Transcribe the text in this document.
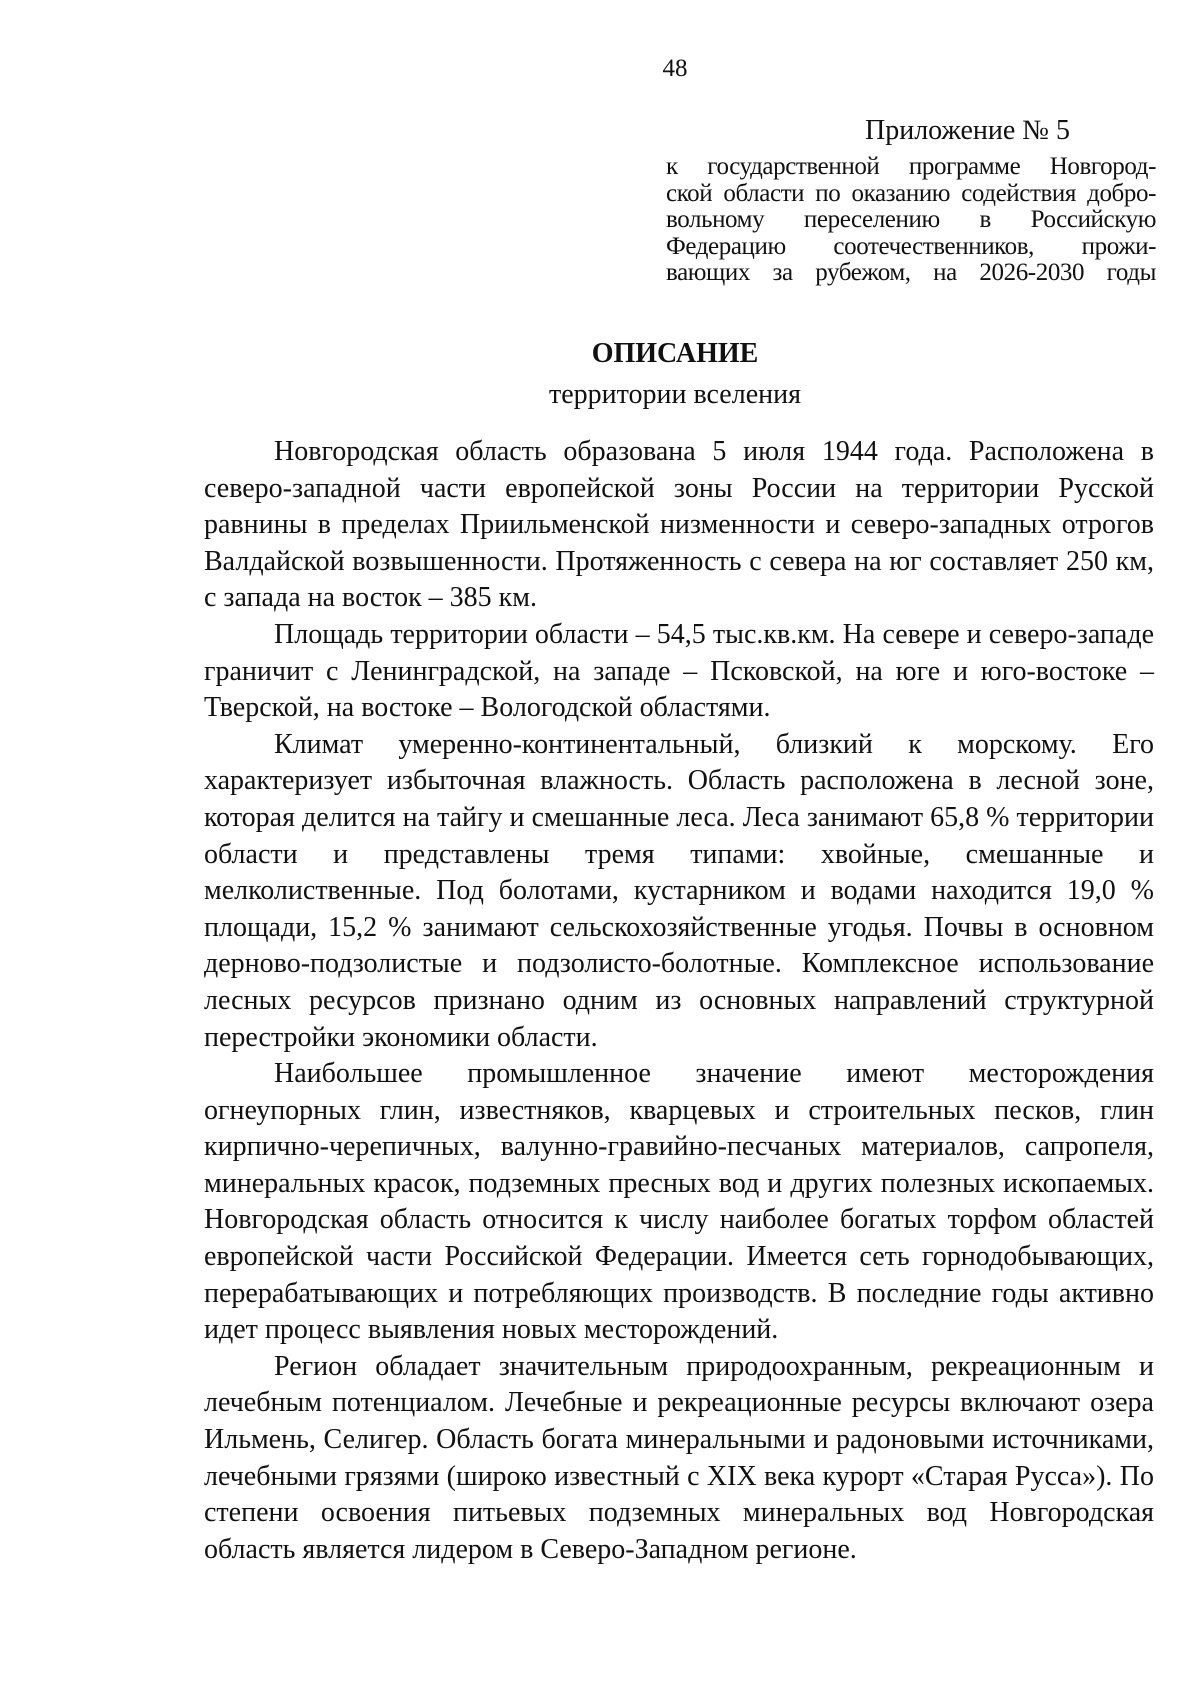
48
Приложение № 5
к государственной программе Новгород-
ской области по оказанию содействия добро-
вольному переселению в Российскую
Федерацию соотечественников, прожи-
вающих за рубежом, на 2026-2030 годы
ОПИСАНИЕ
территории вселения

Новгородская область образована 5 июля 1944 года. Расположена в северо-западной части европейской зоны России на территории Русской равнины в пределах Приильменской низменности и северо-западных отрогов Валдайской возвышенности. Протяженность с севера на юг составляет 250 км, с запада на восток – 385 км.

Площадь территории области – 54,5 тыс.кв.км. На севере и северо-западе граничит с Ленинградской, на западе – Псковской, на юге и юго-востоке – Тверской, на востоке – Вологодской областями.

Климат умеренно-континентальный, близкий к морскому. Его характеризует избыточная влажность. Область расположена в лесной зоне, которая делится на тайгу и смешанные леса. Леса занимают 65,8 % территории области и представлены тремя типами: хвойные, смешанные и мелколиственные. Под болотами, кустарником и водами находится 19,0 % площади, 15,2 % занимают сельскохозяйственные угодья. Почвы в основном дерново-подзолистые и подзолисто-болотные. Комплексное использование лесных ресурсов признано одним из основных направлений структурной перестройки экономики области.

Наибольшее промышленное значение имеют месторождения огнеупорных глин, известняков, кварцевых и строительных песков, глин кирпично-черепичных, валунно-гравийно-песчаных материалов, сапропеля, минеральных красок, подземных пресных вод и других полезных ископаемых. Новгородская область относится к числу наиболее богатых торфом областей европейской части Российской Федерации. Имеется сеть горнодобывающих, перерабатывающих и потребляющих производств. В последние годы активно идет процесс выявления новых месторождений.

Регион обладает значительным природоохранным, рекреационным и лечебным потенциалом. Лечебные и рекреационные ресурсы включают озера Ильмень, Селигер. Область богата минеральными и радоновыми источниками, лечебными грязями (широко известный с XIX века курорт «Старая Русса»). По степени освоения питьевых подземных минеральных вод Новгородская область является лидером в Северо-Западном регионе.
